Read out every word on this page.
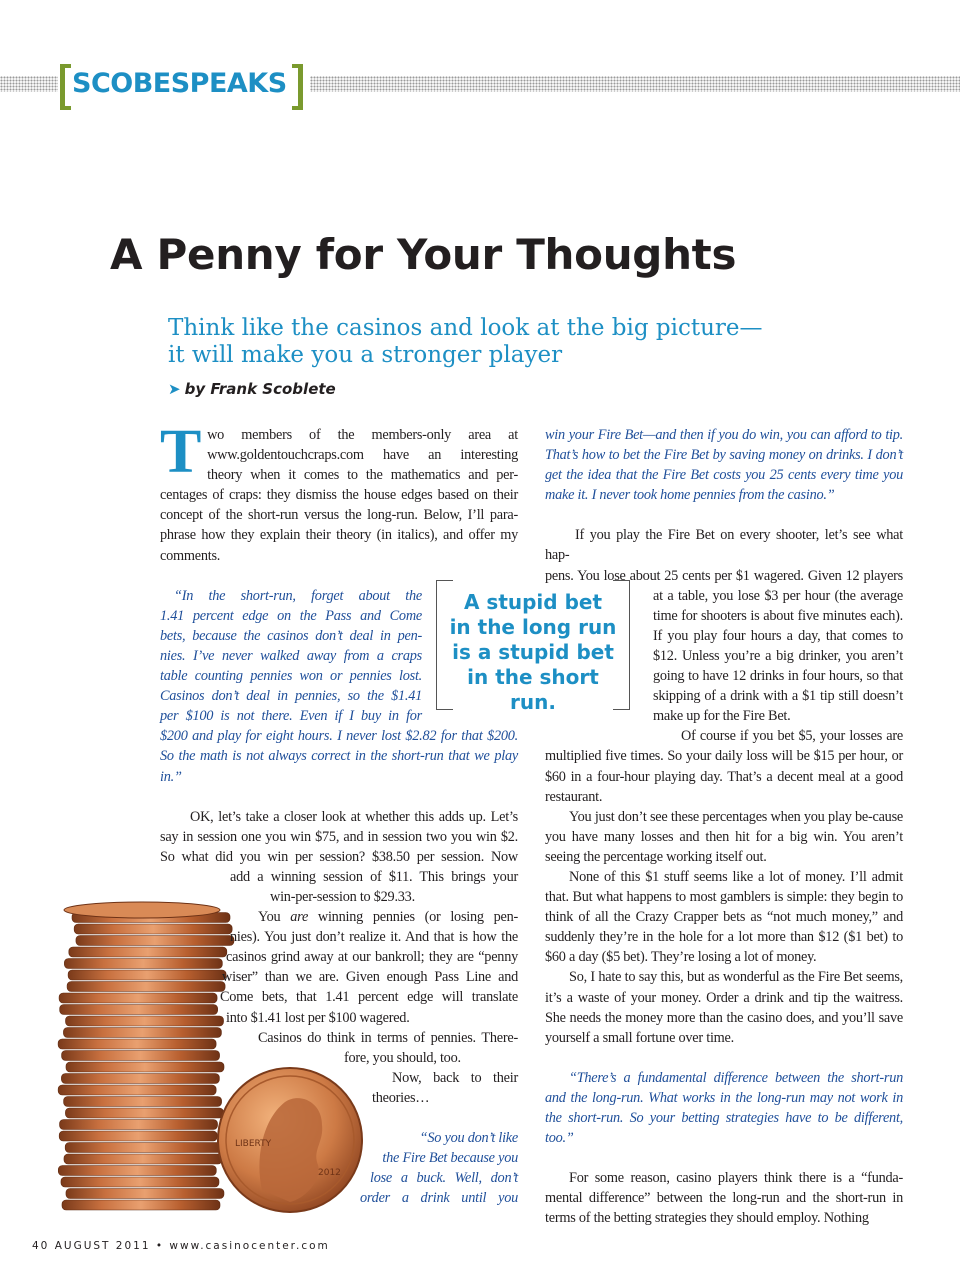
SCOBESPEAKS
A Penny for Your Thoughts
Think like the casinos and look at the big picture—
it will make you a stronger player
➤ by Frank Scoblete
LIBERTY
2012

T wo members of the members-only area at
www.goldentouchcraps.com have an interesting
theory when it comes to the mathematics and per-
centages of craps: they dismiss the house edges based on their concept of the short-run versus the long-run. Below, I’ll para-phrase how they explain their theory (in italics), and offer my comments.

“In the short-run, forget about the
1.41 percent edge on the Pass and Come
bets, because the casinos don’t deal in pen-
nies. I’ve never walked away from a craps
table counting pennies won or pennies lost.
Casinos don’t deal in pennies, so the $1.41
per $100 is not there. Even if I buy in for
$200 and play for eight hours. I never lost $2.82 for that $200. So the math is not always correct in the short-run that we play in.”

OK, let’s take a closer look at whether this adds up. Let’s
say in session one you win $75, and in session two you win $2.
So what did you win per session? $38.50 per session. Now
add a winning session of $11. This brings your
win-per-session to $29.33.

You are winning pennies (or losing pen-
nies). You just don’t realize it. And that is how the
casinos grind away at our bankroll; they are “penny
wiser” than we are. Given enough Pass Line and
Come bets, that 1.41 percent edge will translate
into $1.41 lost per $100 wagered.

Casinos do think in terms of pennies. There-
fore, you should, too.

Now, back to their
theories…

“So you don’t like
the Fire Bet because you
lose a buck. Well, don’t
order a drink until you

A stupid bet
in the long run
is a stupid bet
in the short run.

win your Fire Bet—and then if you do win, you can afford to tip. That’s how to bet the Fire Bet by saving money on drinks. I don’t get the idea that the Fire Bet costs you 25 cents every time you make it. I never took home pennies from the casino.”

If you play the Fire Bet on every shooter, let’s see what hap-
pens. You lose about 25 cents per $1 wagered. Given 12 players
at a table, you lose $3 per hour (the average
time for shooters is about five minutes each).
If you play four hours a day, that comes to
$12. Unless you’re a big drinker, you aren’t
going to have 12 drinks in four hours, so that
skipping of a drink with a $1 tip still doesn’t
make up for the Fire Bet.

Of course if you bet $5, your losses are
multiplied five times. So your daily loss will be $15 per hour, or $60 in a four-hour playing day. That’s a decent meal at a good restaurant.

You just don’t see these percentages when you play be-cause you have many losses and then hit for a big win. You aren’t seeing the percentage working itself out.

None of this $1 stuff seems like a lot of money. I’ll admit that. But what happens to most gamblers is simple: they begin to think of all the Crazy Crapper bets as “not much money,” and suddenly they’re in the hole for a lot more than $12 ($1 bet) to $60 a day ($5 bet). They’re losing a lot of money.

So, I hate to say this, but as wonderful as the Fire Bet seems, it’s a waste of your money. Order a drink and tip the waitress. She needs the money more than the casino does, and you’ll save yourself a small fortune over time.

“There’s a fundamental difference between the short-run and the long-run. What works in the long-run may not work in the short-run. So your betting strategies have to be different, too.”

For some reason, casino players think there is a “funda-mental difference” between the long-run and the short-run in terms of the betting strategies they should employ. Nothing

40 AUGUST 2011 • www.casinocenter.com
